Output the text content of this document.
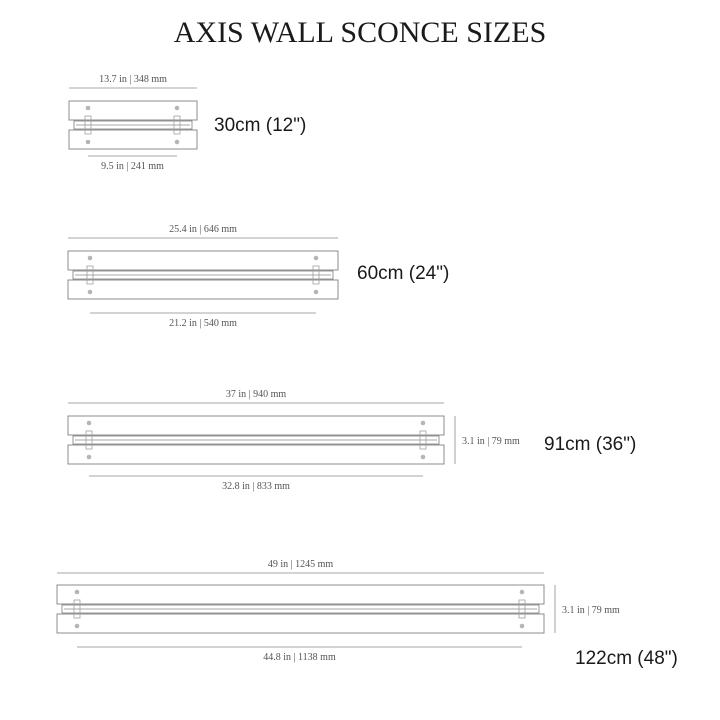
AXIS WALL SCONCE SIZES
13.7 in | 348 mm
9.5 in | 241 mm
30cm (12")
25.4 in | 646 mm
21.2 in | 540 mm
60cm (24")
37 in | 940 mm
32.8 in | 833 mm
3.1 in | 79 mm 91cm (36")
49 in | 1245 mm
44.8 in | 1138 mm
3.1 in | 79 mm
122cm (48")
